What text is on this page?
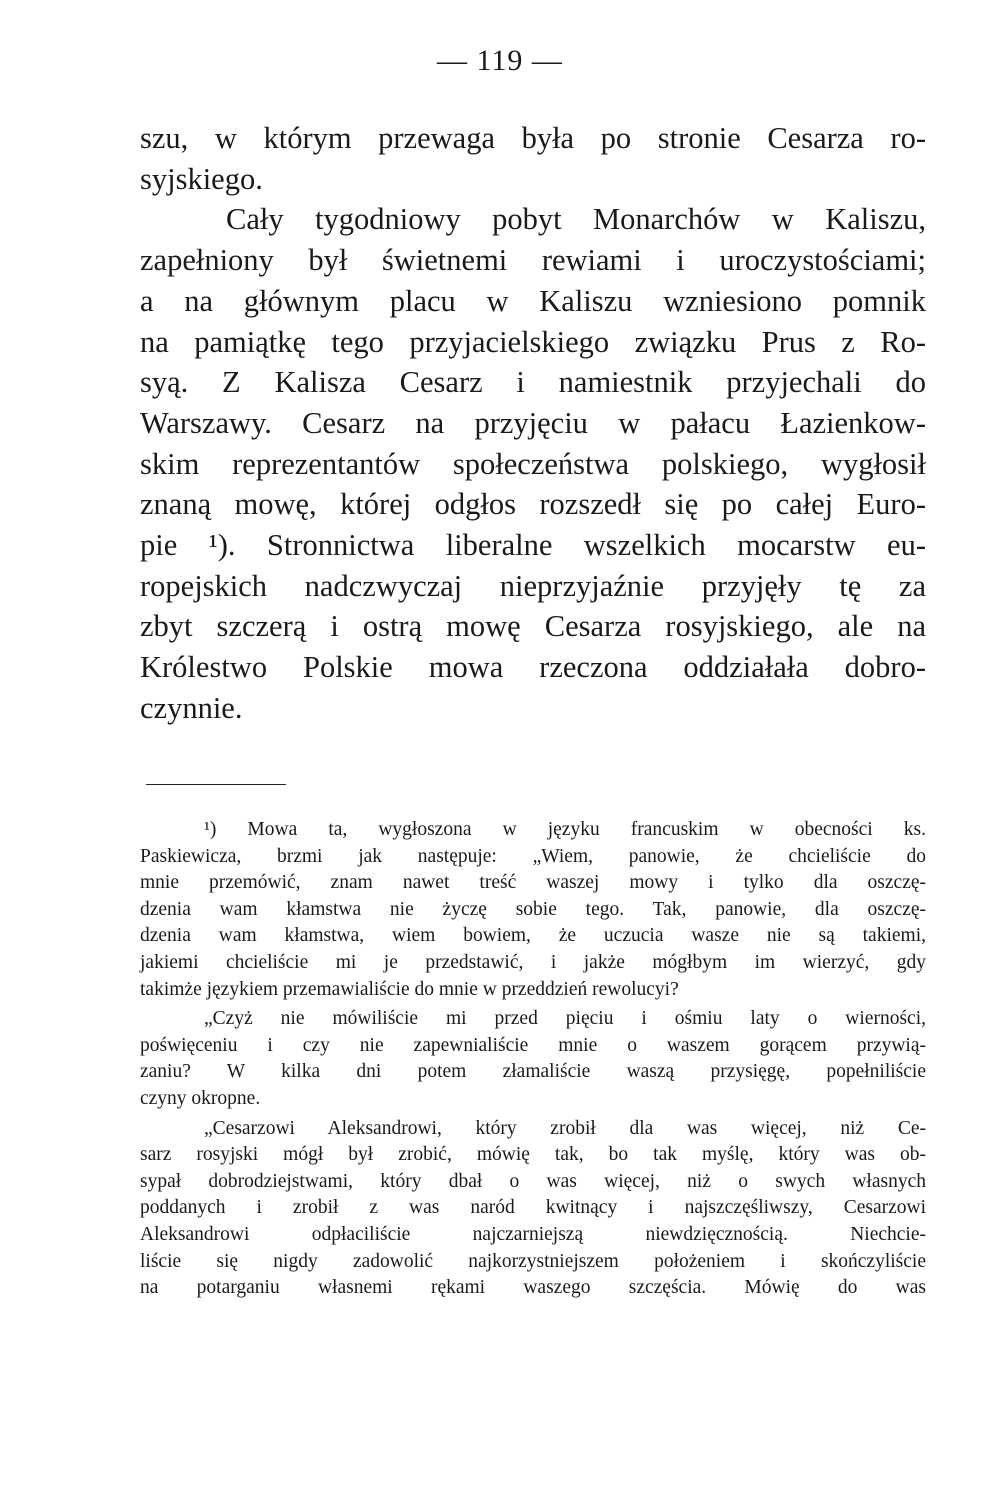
— 119 —
szu, w którym przewaga była po stronie Cesarza ro-
syjskiego.
Cały tygodniowy pobyt Monarchów w Kaliszu,
zapełniony był świetnemi rewiami i uroczystościami;
a na głównym placu w Kaliszu wzniesiono pomnik
na pamiątkę tego przyjacielskiego związku Prus z Ro-
syą. Z Kalisza Cesarz i namiestnik przyjechali do
Warszawy. Cesarz na przyjęciu w pałacu Łazienkow-
skim reprezentantów społeczeństwa polskiego, wygłosił
znaną mowę, której odgłos rozszedł się po całej Euro-
pie ¹). Stronnictwa liberalne wszelkich mocarstw eu-
ropejskich nadczwyczaj nieprzyjaźnie przyjęły tę za
zbyt szczerą i ostrą mowę Cesarza rosyjskiego, ale na
Królestwo Polskie mowa rzeczona oddziałała dobro-
czynnie.
¹) Mowa ta, wygłoszona w języku francuskim w obecności ks.
Paskiewicza, brzmi jak następuje: „Wiem, panowie, że chcieliście do
mnie przemówić, znam nawet treść waszej mowy i tylko dla oszczę-
dzenia wam kłamstwa nie życzę sobie tego. Tak, panowie, dla oszczę-
dzenia wam kłamstwa, wiem bowiem, że uczucia wasze nie są takiemi,
jakiemi chcieliście mi je przedstawić, i jakże mógłbym im wierzyć, gdy
takimże językiem przemawialiście do mnie w przeddzień rewolucyi?
„Czyż nie mówiliście mi przed pięciu i ośmiu laty o wierności,
poświęceniu i czy nie zapewnialiście mnie o waszem gorącem przywią-
zaniu? W kilka dni potem złamaliście waszą przysięgę, popełniliście
czyny okropne.
„Cesarzowi Aleksandrowi, który zrobił dla was więcej, niż Ce-
sarz rosyjski mógł był zrobić, mówię tak, bo tak myślę, który was ob-
sypał dobrodziejstwami, który dbał o was więcej, niż o swych własnych
poddanych i zrobił z was naród kwitnący i najszczęśliwszy, Cesarzowi
Aleksandrowi odpłaciliście najczarniejszą niewdzięcznością. Niechcie-
liście się nigdy zadowolić najkorzystniejszem położeniem i skończyliście
na potarganiu własnemi rękami waszego szczęścia. Mówię do was
